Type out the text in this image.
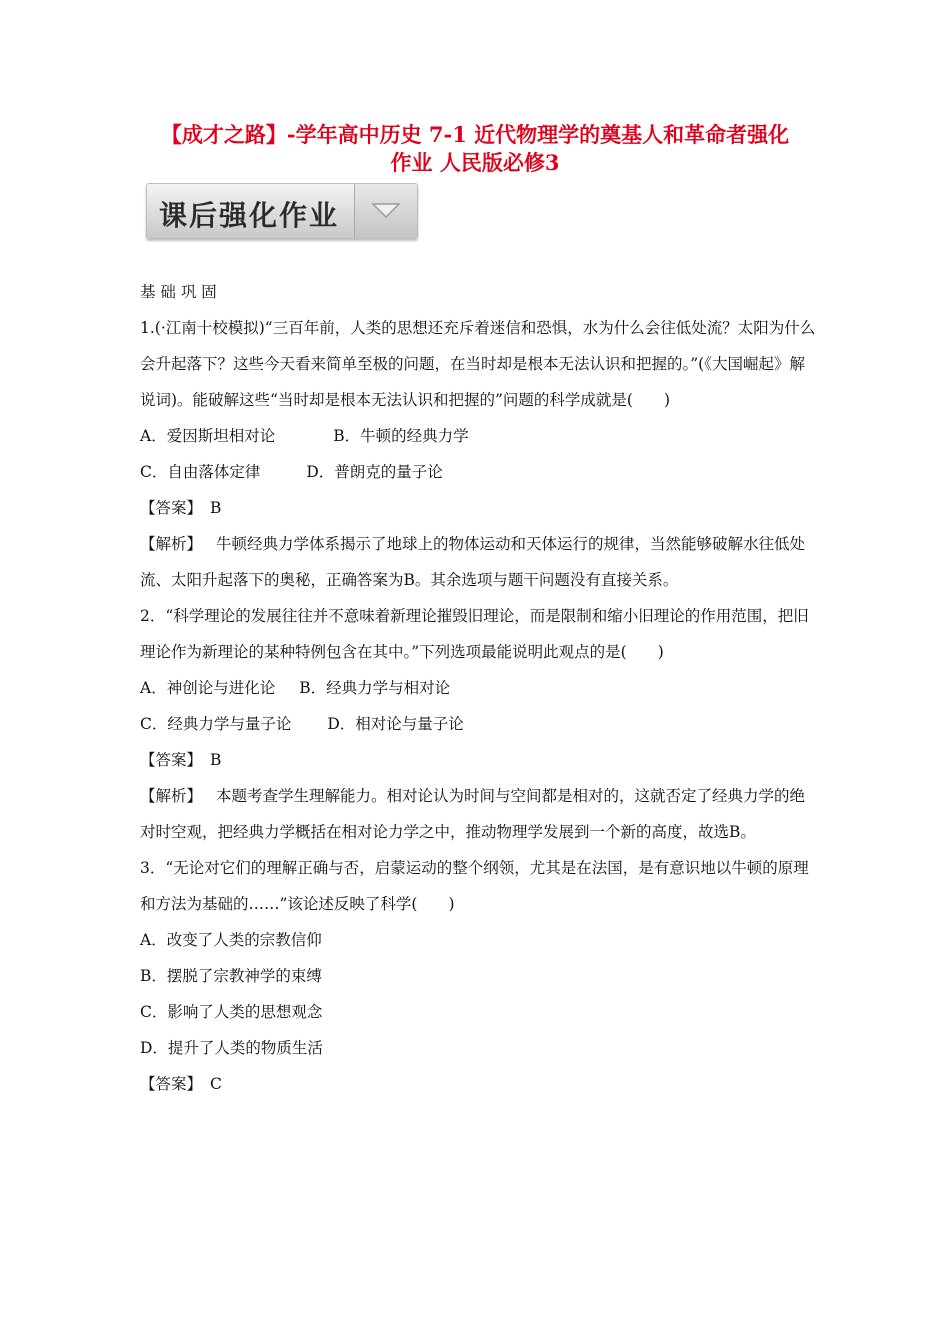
【成才之路】-学年高中历史 7-1 近代物理学的奠基人和革命者强化
作业 人民版必修3
课后强化作业

基 础 巩 固

1.(·江南十校模拟)“三百年前，人类的思想还充斥着迷信和恐惧，水为什么会往低处流？太阳为什么会升起落下？这些今天看来简单至极的问题，在当时却是根本无法认识和把握的。”(《大国崛起》解说词)。能破解这些“当时却是根本无法认识和把握的”问题的科学成就是(　　)

A．爱因斯坦相对论	B．牛顿的经典力学

C．自由落体定律	D．普朗克的量子论

【答案】 B

【解析】 牛顿经典力学体系揭示了地球上的物体运动和天体运行的规律，当然能够破解水往低处流、太阳升起落下的奥秘，正确答案为B。其余选项与题干问题没有直接关系。

2．“科学理论的发展往往并不意味着新理论摧毁旧理论，而是限制和缩小旧理论的作用范围，把旧理论作为新理论的某种特例包含在其中。”下列选项最能说明此观点的是(　　)

A．神创论与进化论 B．经典力学与相对论

C．经典力学与量子论 D．相对论与量子论

【答案】 B

【解析】 本题考查学生理解能力。相对论认为时间与空间都是相对的，这就否定了经典力学的绝对时空观，把经典力学概括在相对论力学之中，推动物理学发展到一个新的高度，故选B。

3．“无论对它们的理解正确与否，启蒙运动的整个纲领，尤其是在法国，是有意识地以牛顿的原理和方法为基础的……”该论述反映了科学(　　)

A．改变了人类的宗教信仰

B．摆脱了宗教神学的束缚

C．影响了人类的思想观念

D．提升了人类的物质生活

【答案】 C
